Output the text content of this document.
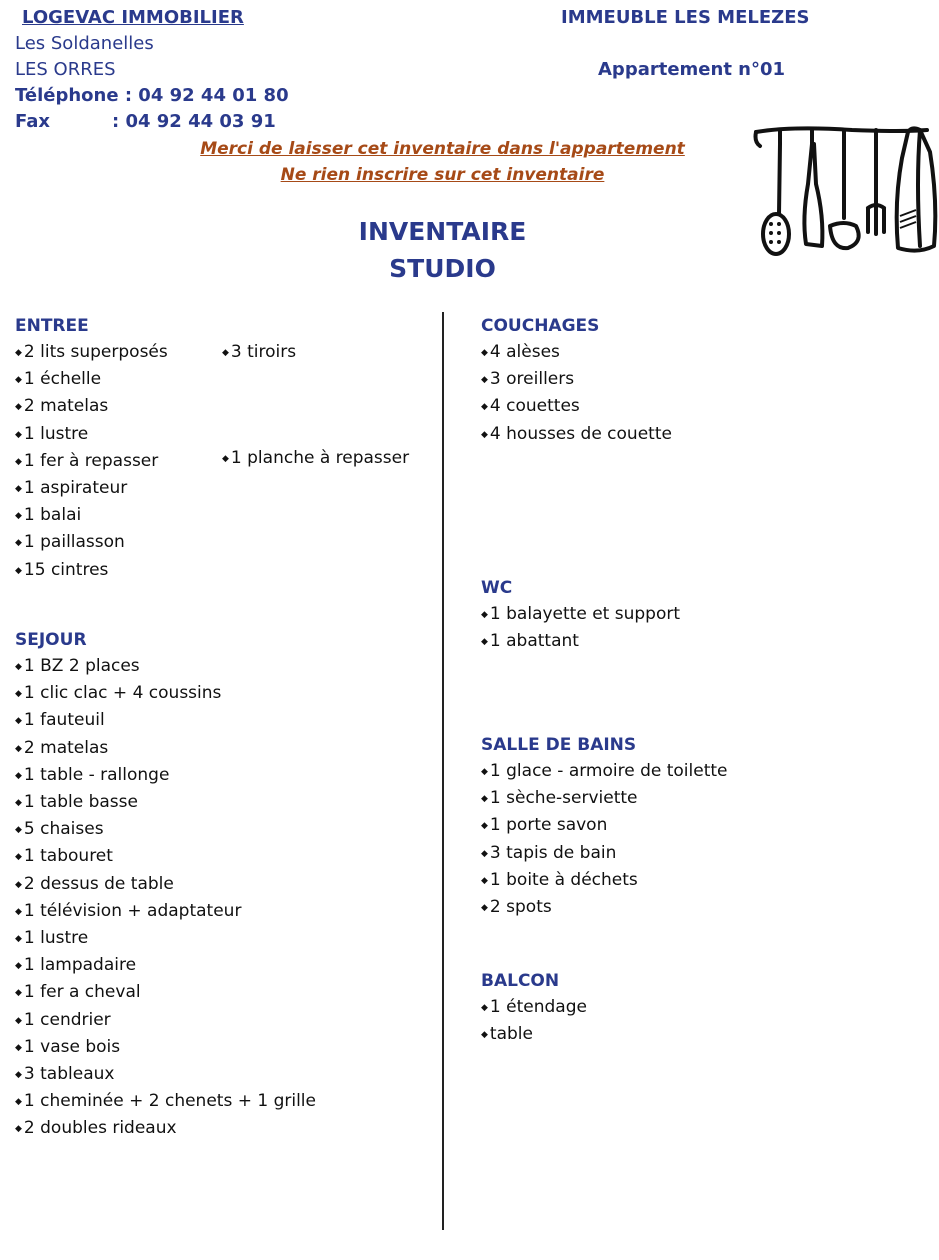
LOGEVAC IMMOBILIER
Les Soldanelles
LES ORRES
Téléphone : 04 92 44 01 80
Fax	: 04 92 44 03 91
IMMEUBLE LES MELEZES
Appartement n°01
Merci de laisser cet inventaire dans l'appartement
Ne rien inscrire sur cet inventaire
INVENTAIRE
STUDIO
ENTREE
◆ 2 lits superposés
◆ 1 échelle
◆ 2 matelas
◆ 1 lustre
◆ 1 fer à repasser
◆ 1 aspirateur
◆ 1 balai
◆ 1 paillasson
◆ 15 cintres
◆ 3 tiroirs
◆ 1 planche à repasser
SEJOUR
◆ 1 BZ 2 places
◆ 1 clic clac + 4 coussins
◆ 1 fauteuil
◆ 2 matelas
◆ 1 table - rallonge
◆ 1 table basse
◆ 5 chaises
◆ 1 tabouret
◆ 2 dessus de table
◆ 1 télévision + adaptateur
◆ 1 lustre
◆ 1 lampadaire
◆ 1 fer a cheval
◆ 1 cendrier
◆ 1 vase bois
◆ 3 tableaux
◆ 1 cheminée + 2 chenets + 1 grille
◆ 2 doubles rideaux
COUCHAGES
◆ 4 alèses
◆ 3 oreillers
◆ 4 couettes
◆ 4 housses de couette
WC
◆ 1 balayette et support
◆ 1 abattant
SALLE DE BAINS
◆ 1 glace - armoire de toilette
◆ 1 sèche-serviette
◆ 1 porte savon
◆ 3 tapis de bain
◆ 1 boite à déchets
◆ 2 spots
BALCON
◆ 1 étendage
◆ table
